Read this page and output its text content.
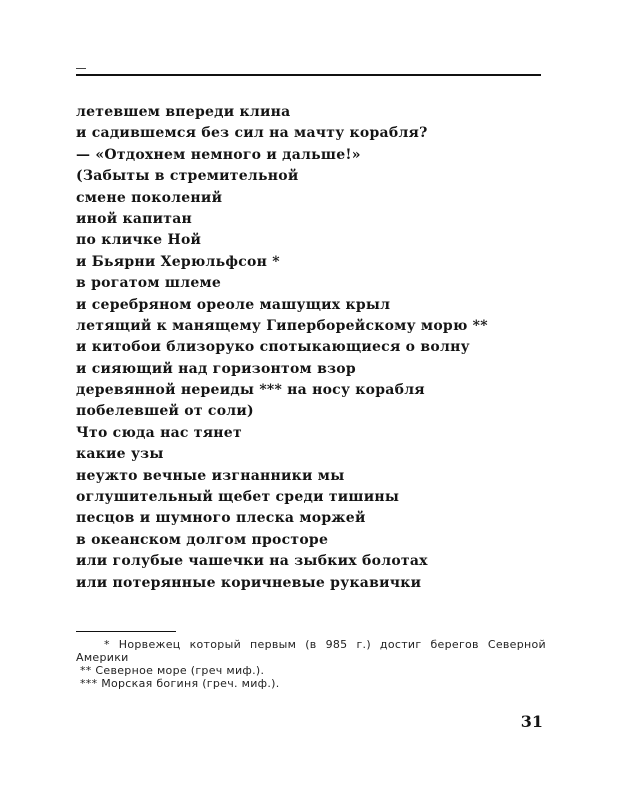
летевшем впереди клина
и садившемся без сил на мачту корабля?
— «Отдохнем немного и дальше!»
(Забыты в стремительной
смене поколений
иной капитан
по кличке Ной
и Бьярни Херюльфсон *
в рогатом шлеме
и серебряном ореоле машущих крыл
летящий к манящему Гиперборейскому морю **
и китобои близоруко спотыкающиеся о волну
и сияющий над горизонтом взор
деревянной нереиды *** на носу корабля
побелевшей от соли)
Что сюда нас тянет
какие узы
неужто вечные изгнанники мы
оглушительный щебет среди тишины
песцов и шумного плеска моржей
в океанском долгом просторе
или голубые чашечки на зыбких болотах
или потерянные коричневые рукавички

* Норвежец который первым (в 985 г.) достиг берегов Северной Америки

** Северное море (греч миф.).

*** Морская богиня (греч. миф.).

31
